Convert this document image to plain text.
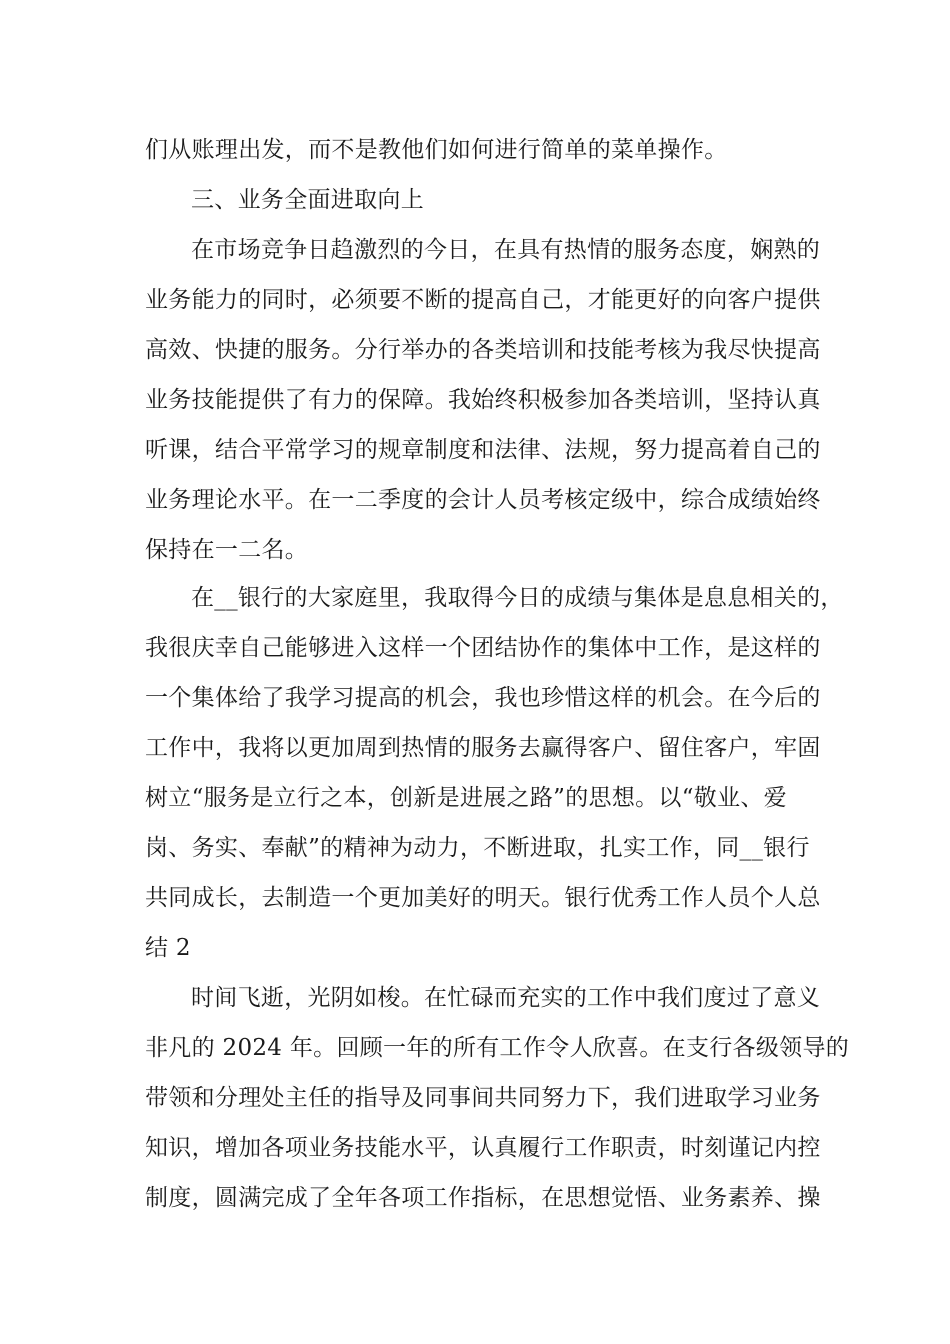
们从账理出发，而不是教他们如何进行简单的菜单操作。
三、业务全面进取向上
在市场竞争日趋激烈的今日，在具有热情的服务态度，娴熟的
业务能力的同时，必须要不断的提高自己，才能更好的向客户提供
高效、快捷的服务。分行举办的各类培训和技能考核为我尽快提高
业务技能提供了有力的保障。我始终积极参加各类培训，坚持认真
听课，结合平常学习的规章制度和法律、法规，努力提高着自己的
业务理论水平。在一二季度的会计人员考核定级中，综合成绩始终
保持在一二名。
在__银行的大家庭里，我取得今日的成绩与集体是息息相关的，
我很庆幸自己能够进入这样一个团结协作的集体中工作，是这样的
一个集体给了我学习提高的机会，我也珍惜这样的机会。在今后的
工作中，我将以更加周到热情的服务去赢得客户、留住客户，牢固
树立“服务是立行之本，创新是进展之路”的思想。以“敬业、爱
岗、务实、奉献”的精神为动力，不断进取，扎实工作，同__银行
共同成长，去制造一个更加美好的明天。银行优秀工作人员个人总
结 2
时间飞逝，光阴如梭。在忙碌而充实的工作中我们度过了意义
非凡的 2024 年。回顾一年的所有工作令人欣喜。在支行各级领导的
带领和分理处主任的指导及同事间共同努力下，我们进取学习业务
知识，增加各项业务技能水平，认真履行工作职责，时刻谨记内控
制度，圆满完成了全年各项工作指标，在思想觉悟、业务素养、操
